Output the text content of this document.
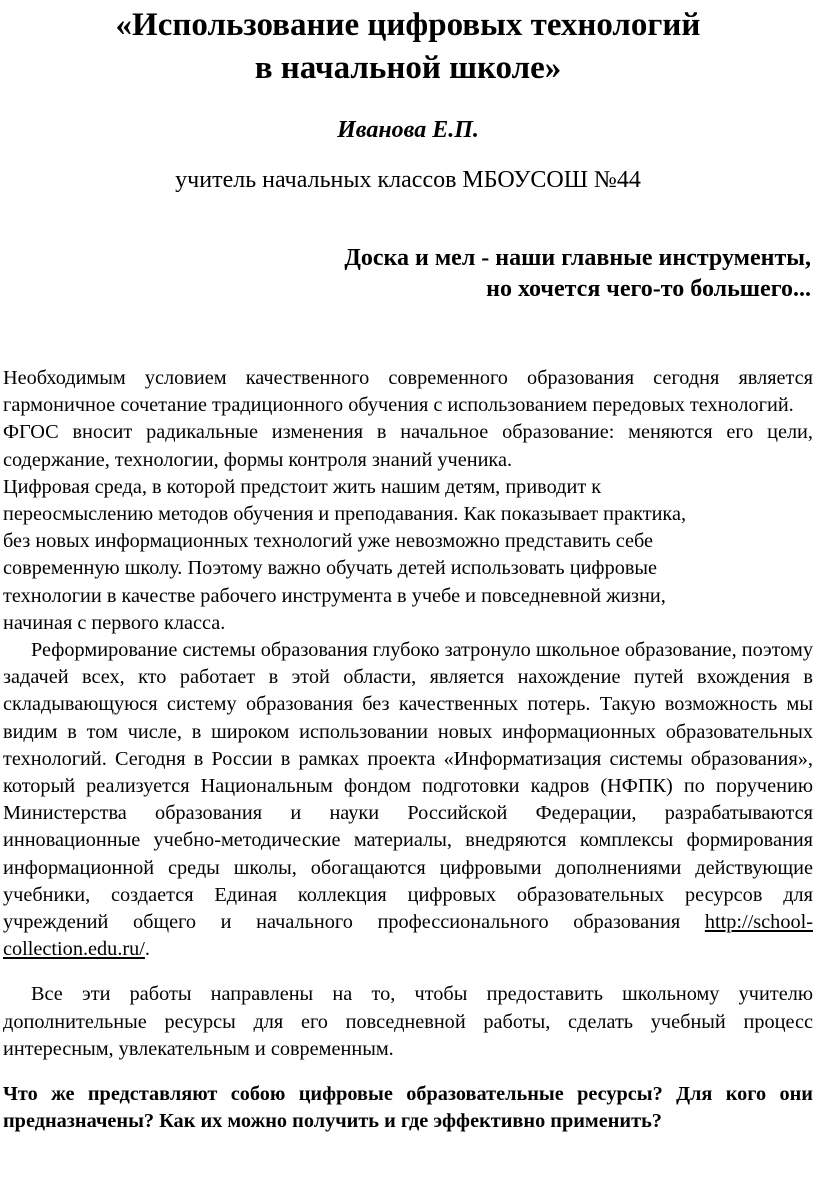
«Использование цифровых технологий
в начальной школе»

Иванова Е.П.

учитель начальных классов МБОУСОШ №44

Доска и мел - наши главные инструменты,
но хочется чего-то большего...

Необходимым условием качественного современного образования сегодня является гармоничное сочетание традиционного обучения с использованием передовых технологий.

ФГОС вносит радикальные изменения в начальное образование: меняются его цели, содержание, технологии, формы контроля знаний ученика.

Цифровая среда, в которой предстоит жить нашим детям, приводит к
переосмыслению методов обучения и преподавания. Как показывает практика,
без новых информационных технологий уже невозможно представить себе
современную школу. Поэтому важно обучать детей использовать цифровые
технологии в качестве рабочего инструмента в учебе и повседневной жизни,
начиная с первого класса.

Реформирование системы образования глубоко затронуло школьное образование, поэтому задачей всех, кто работает в этой области, является нахождение путей вхождения в складывающуюся систему образования без качественных потерь. Такую возможность мы видим в том числе, в широком использовании новых информационных образовательных технологий. Сегодня в России в рамках проекта «Информатизация системы образования», который реализуется Национальным фондом подготовки кадров (НФПК) по поручению Министерства образования и науки Российской Федерации, разрабатываются инновационные учебно-методические материалы, внедряются комплексы формирования информационной среды школы, обогащаются цифровыми дополнениями действующие учебники, создается Единая коллекция цифровых образовательных ресурсов для учреждений общего и начального профессионального образования http://school-collection.edu.ru/.

Все эти работы направлены на то, чтобы предоставить школьному учителю дополнительные ресурсы для его повседневной работы, сделать учебный процесс интересным, увлекательным и современным.

Что же представляют собою цифровые образовательные ресурсы? Для кого они предназначены? Как их можно получить и где эффективно применить?
